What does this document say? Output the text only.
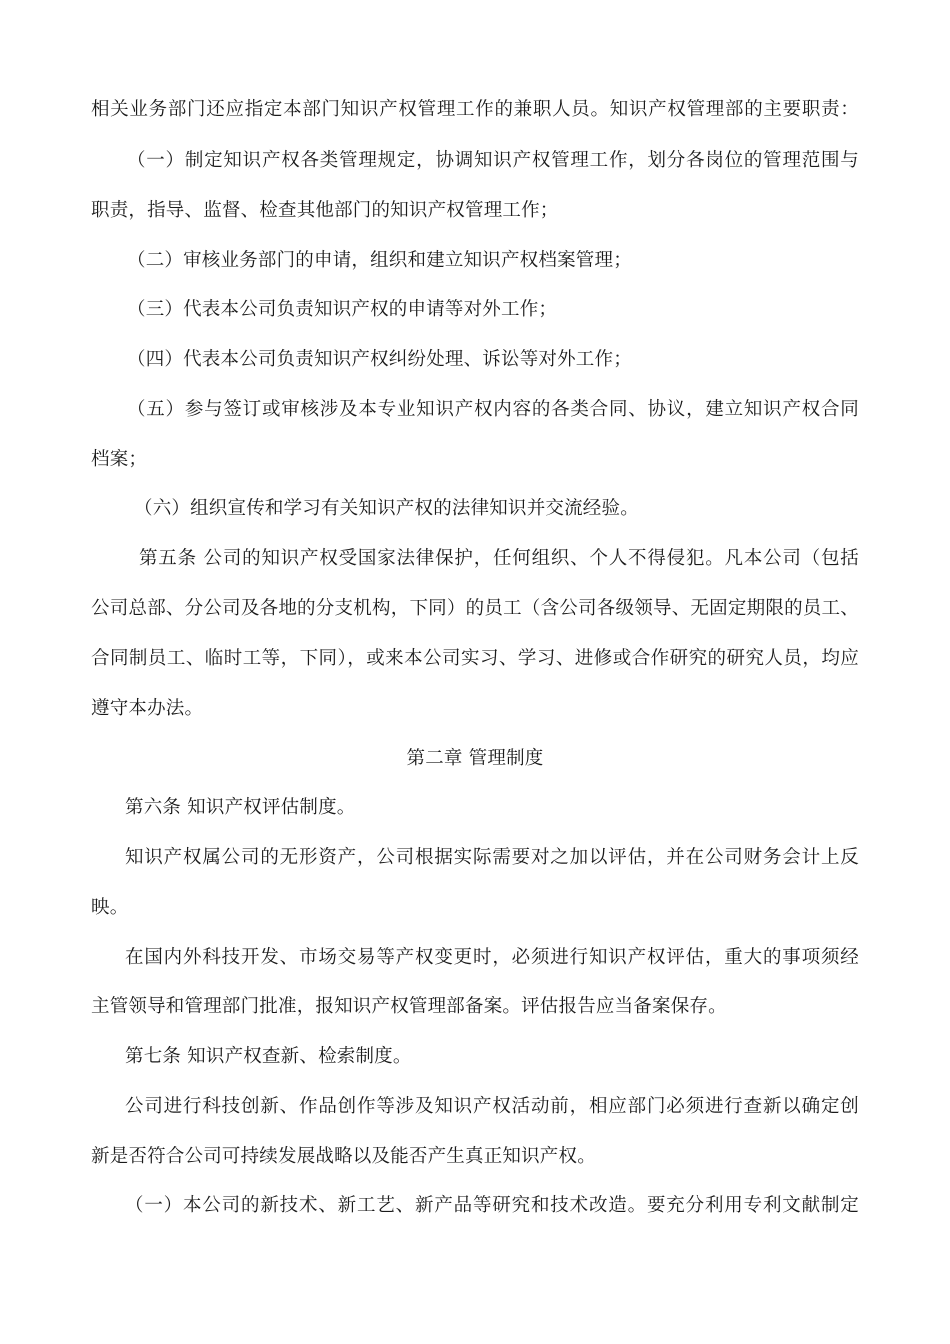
相关业务部门还应指定本部门知识产权管理工作的兼职人员。知识产权管理部的主要职责：
（一）制定知识产权各类管理规定，协调知识产权管理工作，划分各岗位的管理范围与
职责，指导、监督、检查其他部门的知识产权管理工作；
（二）审核业务部门的申请，组织和建立知识产权档案管理；
（三）代表本公司负责知识产权的申请等对外工作；
（四）代表本公司负责知识产权纠纷处理、诉讼等对外工作；
（五）参与签订或审核涉及本专业知识产权内容的各类合同、协议，建立知识产权合同
档案；
（六）组织宣传和学习有关知识产权的法律知识并交流经验。
第五条 公司的知识产权受国家法律保护，任何组织、个人不得侵犯。凡本公司（包括
公司总部、分公司及各地的分支机构，下同）的员工（含公司各级领导、无固定期限的员工、
合同制员工、临时工等，下同），或来本公司实习、学习、进修或合作研究的研究人员，均应
遵守本办法。
第二章 管理制度
第六条 知识产权评估制度。
知识产权属公司的无形资产，公司根据实际需要对之加以评估，并在公司财务会计上反
映。
在国内外科技开发、市场交易等产权变更时，必须进行知识产权评估，重大的事项须经
主管领导和管理部门批准，报知识产权管理部备案。评估报告应当备案保存。
第七条 知识产权查新、检索制度。
公司进行科技创新、作品创作等涉及知识产权活动前，相应部门必须进行查新以确定创
新是否符合公司可持续发展战略以及能否产生真正知识产权。
（一）本公司的新技术、新工艺、新产品等研究和技术改造。要充分利用专利文献制定
